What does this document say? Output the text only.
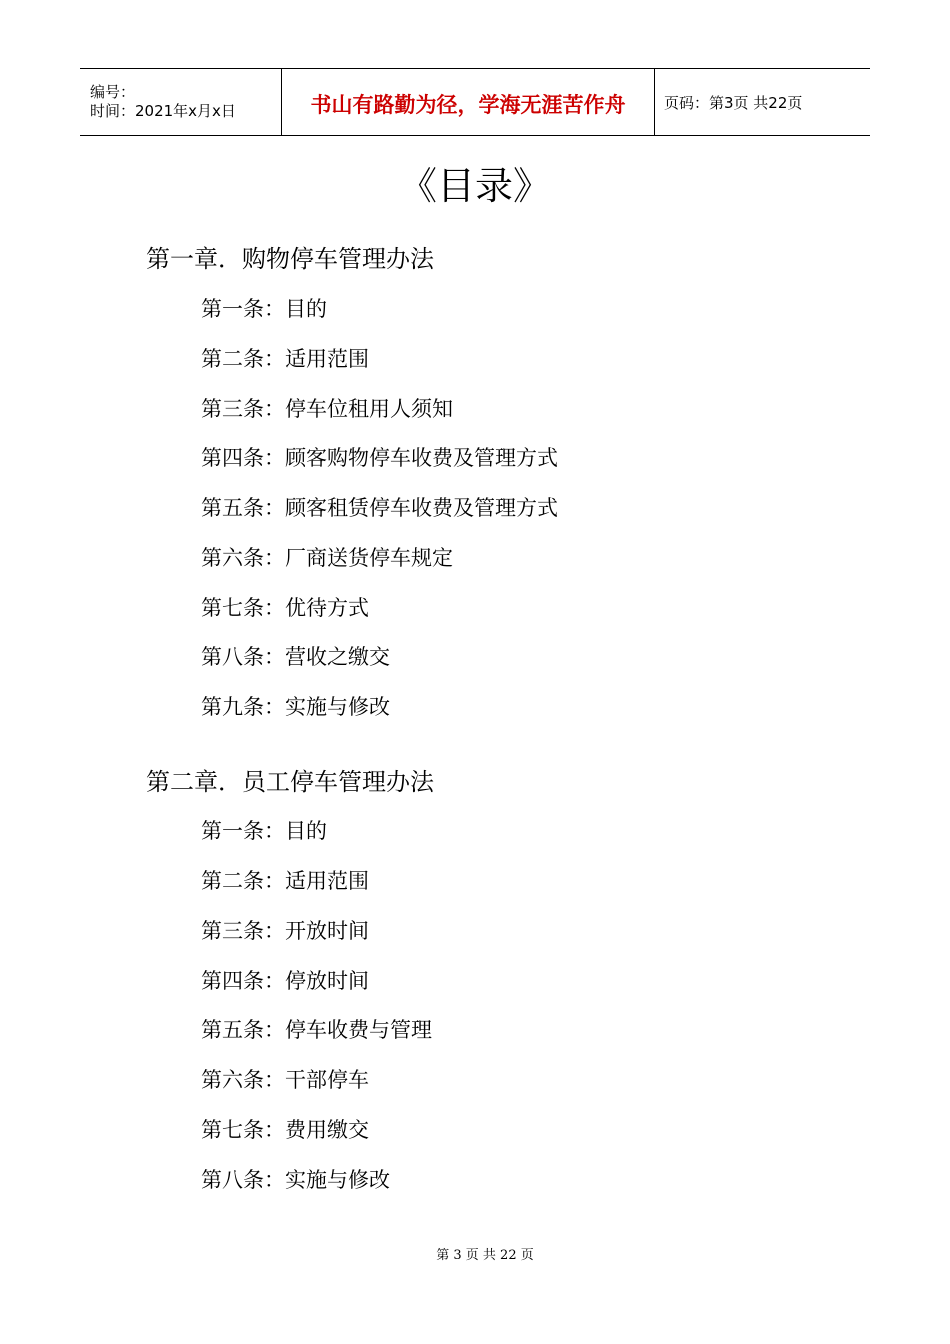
编号：
时间：2021年x月x日	书山有路勤为径，学海无涯苦作舟	页码：第3页 共22页
《目录》
第一章．购物停车管理办法
第一条：目的
第二条：适用范围
第三条：停车位租用人须知
第四条：顾客购物停车收费及管理方式
第五条：顾客租赁停车收费及管理方式
第六条：厂商送货停车规定
第七条：优待方式
第八条：营收之缴交
第九条：实施与修改
第二章．员工停车管理办法
第一条：目的
第二条：适用范围
第三条：开放时间
第四条：停放时间
第五条：停车收费与管理
第六条：干部停车
第七条：费用缴交
第八条：实施与修改
第 3 页 共 22 页
